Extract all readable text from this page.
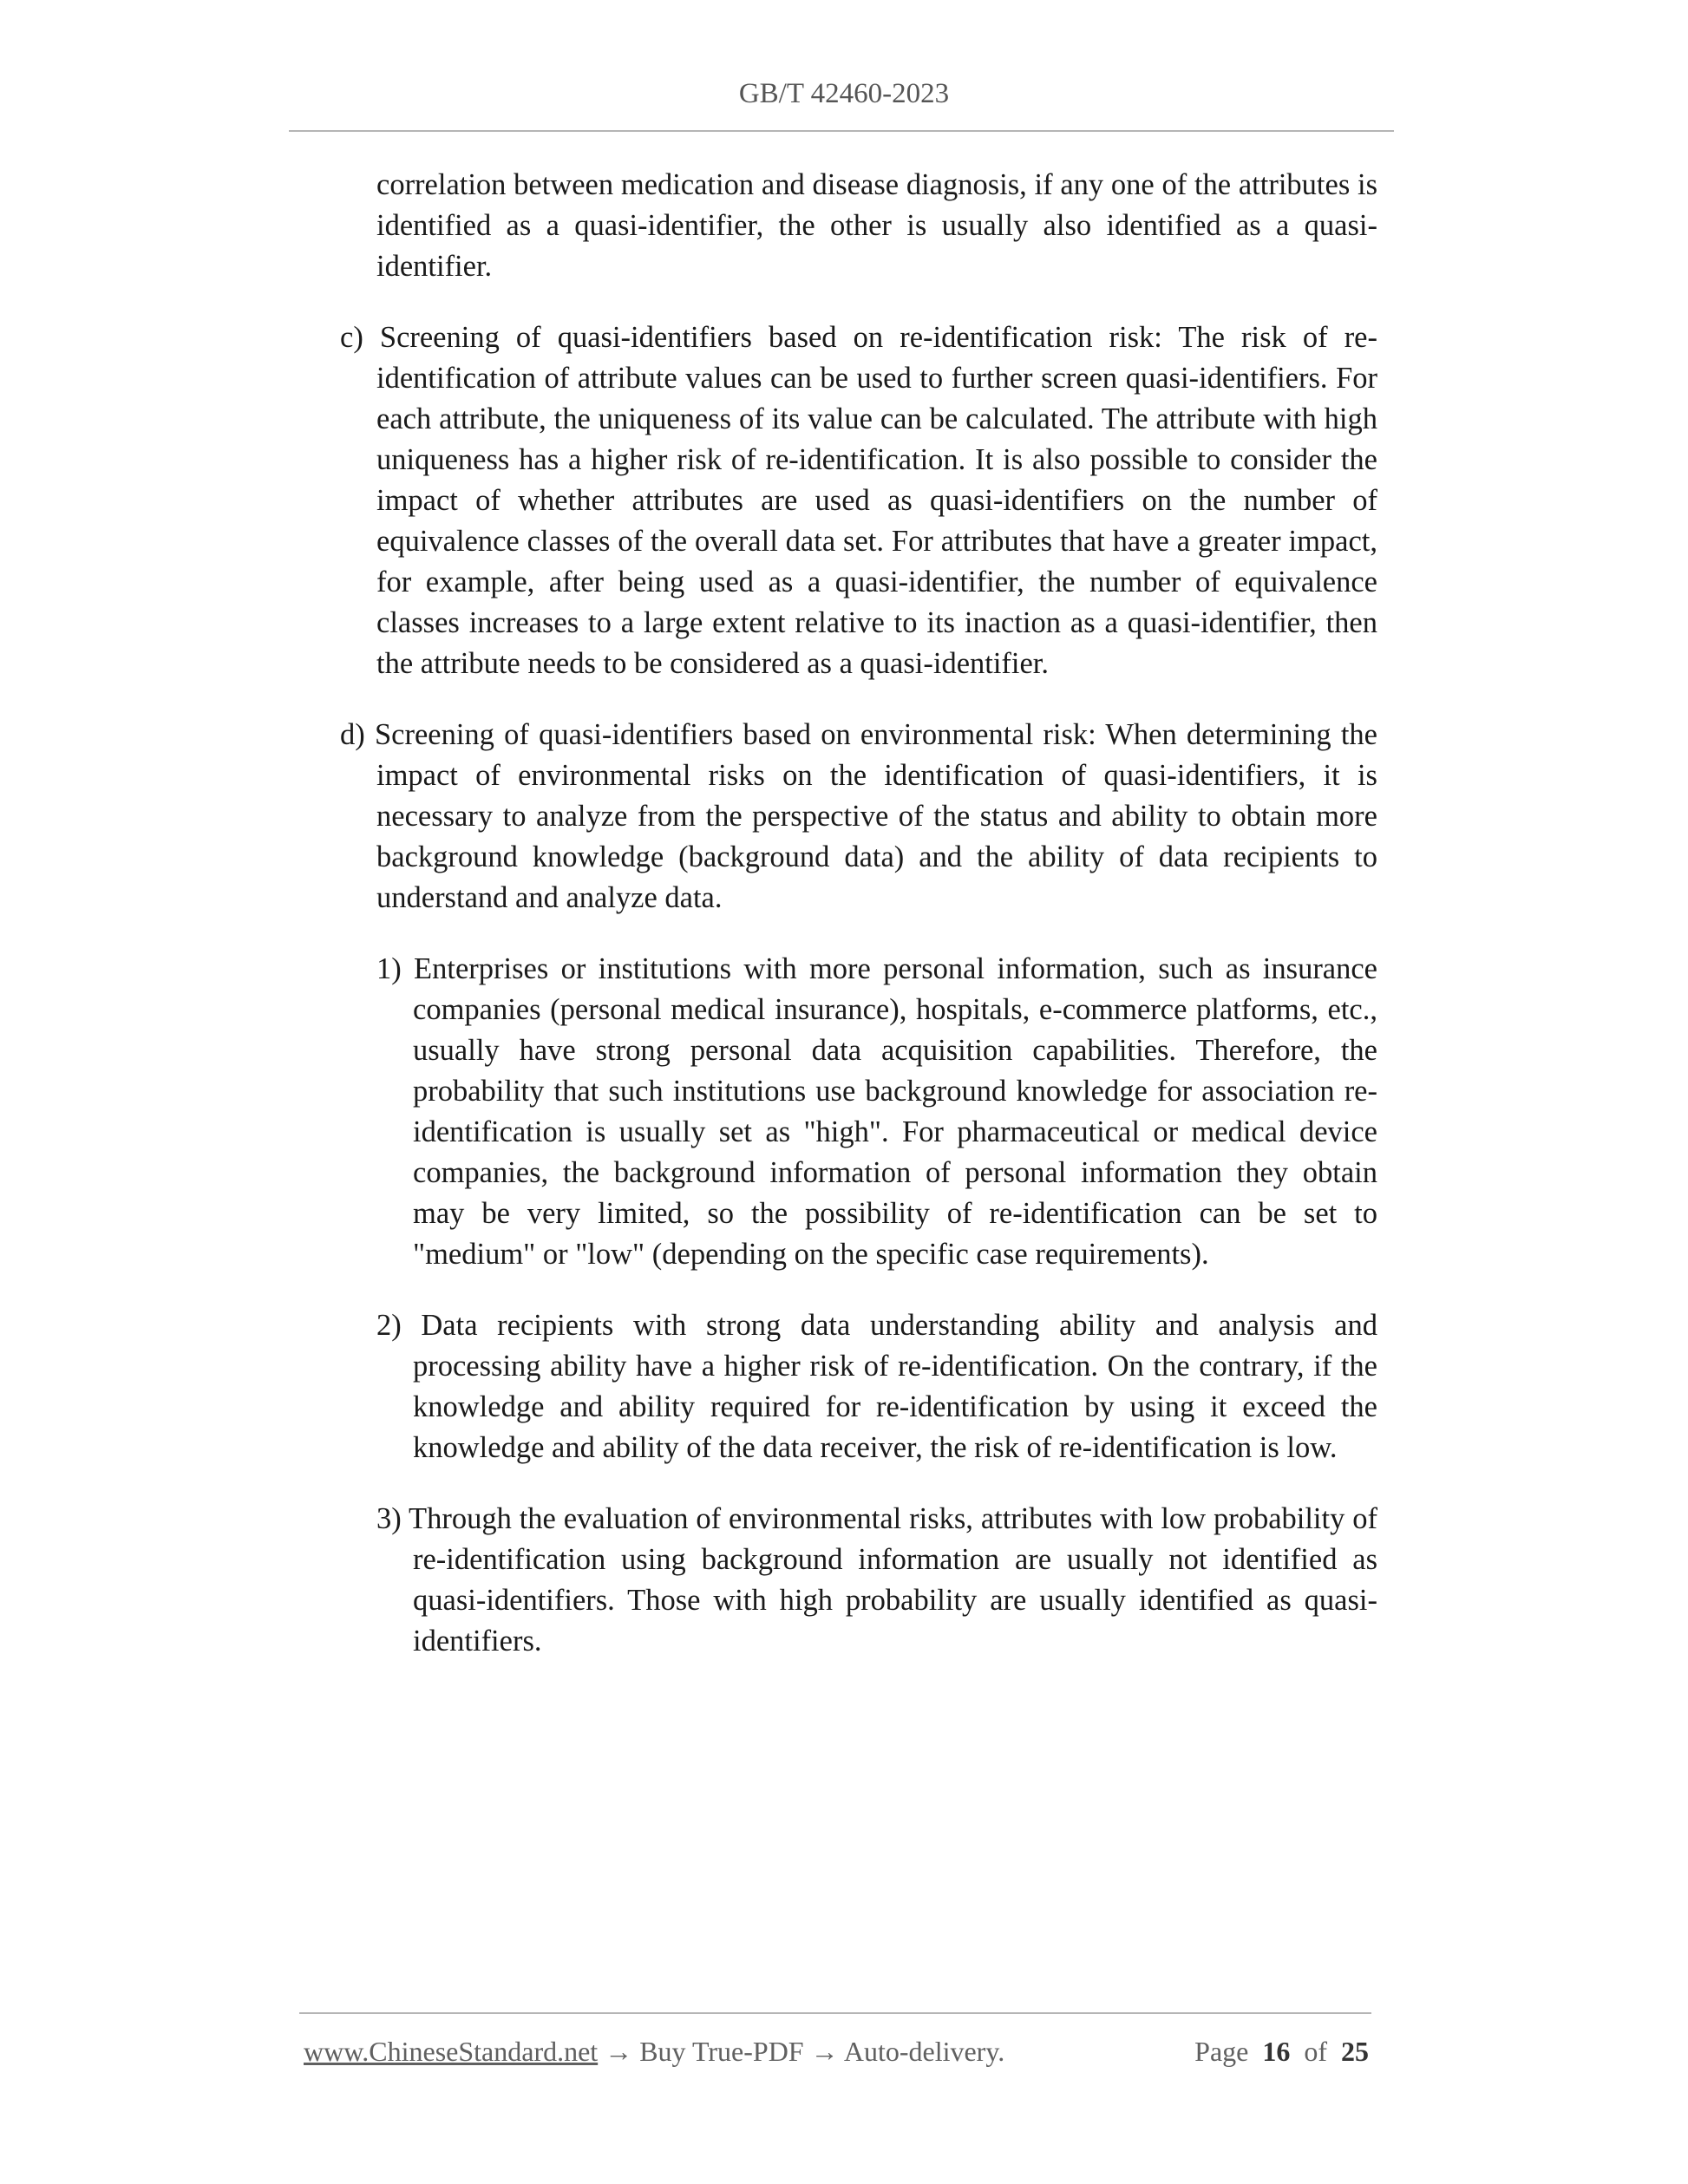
GB/T 42460-2023

correlation between medication and disease diagnosis, if any one of the attributes is identified as a quasi-identifier, the other is usually also identified as a quasi-identifier.

c) Screening of quasi-identifiers based on re-identification risk: The risk of re-identification of attribute values can be used to further screen quasi-identifiers. For each attribute, the uniqueness of its value can be calculated. The attribute with high uniqueness has a higher risk of re-identification. It is also possible to consider the impact of whether attributes are used as quasi-identifiers on the number of equivalence classes of the overall data set. For attributes that have a greater impact, for example, after being used as a quasi-identifier, the number of equivalence classes increases to a large extent relative to its inaction as a quasi-identifier, then the attribute needs to be considered as a quasi-identifier.

d) Screening of quasi-identifiers based on environmental risk: When determining the impact of environmental risks on the identification of quasi-identifiers, it is necessary to analyze from the perspective of the status and ability to obtain more background knowledge (background data) and the ability of data recipients to understand and analyze data.

1) Enterprises or institutions with more personal information, such as insurance companies (personal medical insurance), hospitals, e-commerce platforms, etc., usually have strong personal data acquisition capabilities. Therefore, the probability that such institutions use background knowledge for association re-identification is usually set as "high". For pharmaceutical or medical device companies, the background information of personal information they obtain may be very limited, so the possibility of re-identification can be set to "medium" or "low" (depending on the specific case requirements).

2) Data recipients with strong data understanding ability and analysis and processing ability have a higher risk of re-identification. On the contrary, if the knowledge and ability required for re-identification by using it exceed the knowledge and ability of the data receiver, the risk of re-identification is low.

3) Through the evaluation of environmental risks, attributes with low probability of re-identification using background information are usually not identified as quasi-identifiers. Those with high probability are usually identified as quasi-identifiers.

www.ChineseStandard.net → Buy True-PDF → Auto-delivery.	Page 16 of 25
